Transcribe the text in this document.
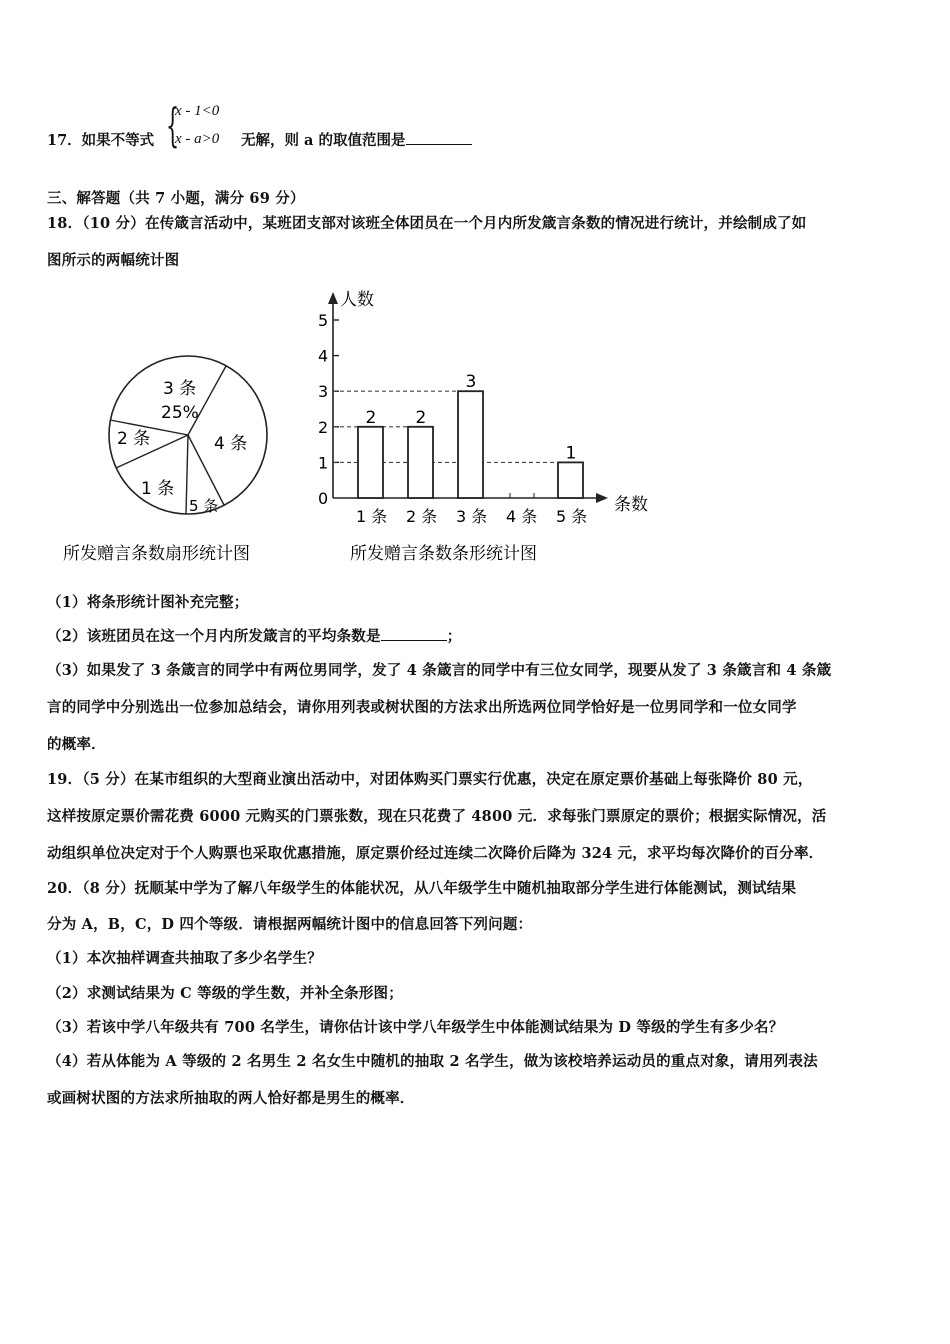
17．如果不等式 {
x - 1<0
x - a>0 无解，则 a 的取值范围是
三、解答题（共 7 小题，满分 69 分）
18．（10 分）在传箴言活动中，某班团支部对该班全体团员在一个月内所发箴言条数的情况进行统计，并绘制成了如
图所示的两幅统计图
3 条
25%
2 条	4 条
1 条
5 条
所发赠言条数扇形统计图
人数
条数
0
1
2
3
4
5
2 2
3
1
1 条 2 条 3 条 4 条 5 条
所发赠言条数条形统计图
（1）将条形统计图补充完整；
（2）该班团员在这一个月内所发箴言的平均条数是	；
（3）如果发了 3 条箴言的同学中有两位男同学，发了 4 条箴言的同学中有三位女同学，现要从发了 3 条箴言和 4 条箴
言的同学中分别选出一位参加总结会，请你用列表或树状图的方法求出所选两位同学恰好是一位男同学和一位女同学
的概率．
19．（5 分）在某市组织的大型商业演出活动中，对团体购买门票实行优惠，决定在原定票价基础上每张降价 80 元，
这样按原定票价需花费 6000 元购买的门票张数，现在只花费了 4800 元．求每张门票原定的票价；根据实际情况，活
动组织单位决定对于个人购票也采取优惠措施，原定票价经过连续二次降价后降为 324 元，求平均每次降价的百分率．
20．（8 分）抚顺某中学为了解八年级学生的体能状况，从八年级学生中随机抽取部分学生进行体能测试，测试结果
分为 A，B，C，D 四个等级．请根据两幅统计图中的信息回答下列问题：
（1）本次抽样调查共抽取了多少名学生？
（2）求测试结果为 C 等级的学生数，并补全条形图；
（3）若该中学八年级共有 700 名学生，请你估计该中学八年级学生中体能测试结果为 D 等级的学生有多少名？
（4）若从体能为 A 等级的 2 名男生 2 名女生中随机的抽取 2 名学生，做为该校培养运动员的重点对象，请用列表法
或画树状图的方法求所抽取的两人恰好都是男生的概率．
